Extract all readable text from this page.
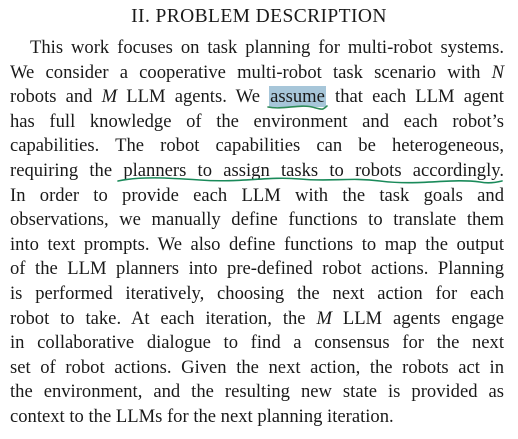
II. PROBLEM DESCRIPTION
This work focuses on task planning for multi-robot systems.
We consider a cooperative multi-robot task scenario with N
robots and M LLM agents. We assume that each LLM agent
has full knowledge of the environment and each robot’s
capabilities. The robot capabilities can be heterogeneous,
requiring the planners to assign tasks to robots accordingly.
In order to provide each LLM with the task goals and
observations, we manually define functions to translate them
into text prompts. We also define functions to map the output
of the LLM planners into pre-defined robot actions. Planning
is performed iteratively, choosing the next action for each
robot to take. At each iteration, the M LLM agents engage
in collaborative dialogue to find a consensus for the next
set of robot actions. Given the next action, the robots act in
the environment, and the resulting new state is provided as
context to the LLMs for the next planning iteration.
